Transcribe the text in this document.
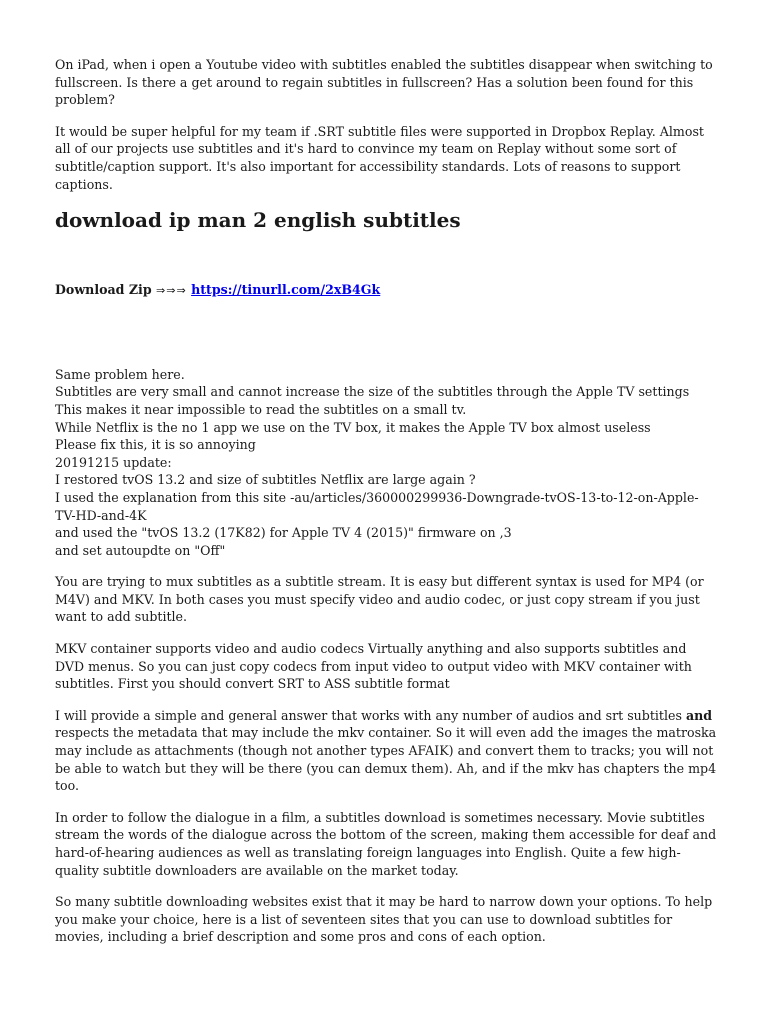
On iPad, when i open a Youtube video with subtitles enabled the subtitles disappear when switching to fullscreen. Is there a get around to regain subtitles in fullscreen? Has a solution been found for this problem?

It would be super helpful for my team if .SRT subtitle files were supported in Dropbox Replay. Almost all of our projects use subtitles and it's hard to convince my team on Replay without some sort of subtitle/caption support. It's also important for accessibility standards. Lots of reasons to support captions.

download ip man 2 english subtitles
Download Zip ⇒⇒⇒ https://tinurll.com/2xB4Gk
Same problem here.
Subtitles are very small and cannot increase the size of the subtitles through the Apple TV settings
This makes it near impossible to read the subtitles on a small tv.
While Netflix is the no 1 app we use on the TV box, it makes the Apple TV box almost useless
Please fix this, it is so annoying
20191215 update:
I restored tvOS 13.2 and size of subtitles Netflix are large again ?
I used the explanation from this site -au/articles/360000299936-Downgrade-tvOS-13-to-12-on-Apple-TV-HD-and-4K
and used the "tvOS 13.2 (17K82) for Apple TV 4 (2015)" firmware on ,3
and set autoupdte on "Off"

You are trying to mux subtitles as a subtitle stream. It is easy but different syntax is used for MP4 (or M4V) and MKV. In both cases you must specify video and audio codec, or just copy stream if you just want to add subtitle.

MKV container supports video and audio codecs Virtually anything and also supports subtitles and DVD menus. So you can just copy codecs from input video to output video with MKV container with subtitles. First you should convert SRT to ASS subtitle format

I will provide a simple and general answer that works with any number of audios and srt subtitles and respects the metadata that may include the mkv container. So it will even add the images the matroska may include as attachments (though not another types AFAIK) and convert them to tracks; you will not be able to watch but they will be there (you can demux them). Ah, and if the mkv has chapters the mp4 too.

In order to follow the dialogue in a film, a subtitles download is sometimes necessary. Movie subtitles stream the words of the dialogue across the bottom of the screen, making them accessible for deaf and hard-of-hearing audiences as well as translating foreign languages into English. Quite a few high-quality subtitle downloaders are available on the market today.

So many subtitle downloading websites exist that it may be hard to narrow down your options. To help you make your choice, here is a list of seventeen sites that you can use to download subtitles for movies, including a brief description and some pros and cons of each option.
